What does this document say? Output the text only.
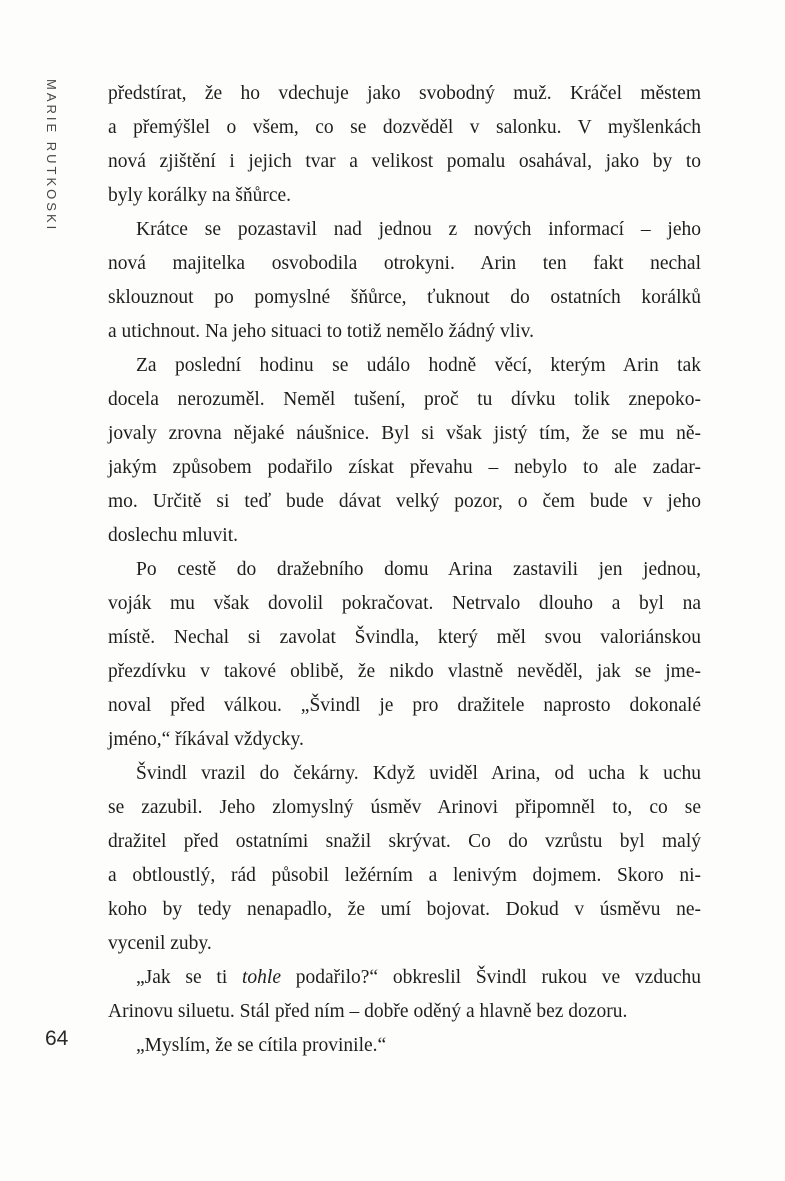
MARIE RUTKOSKI
64
předstírat, že ho vdechuje jako svobodný muž. Kráčel městem
a přemýšlel o všem, co se dozvěděl v salonku. V myšlenkách
nová zjištění i jejich tvar a velikost pomalu osahával, jako by to
byly korálky na šňůrce.
Krátce se pozastavil nad jednou z nových informací – jeho
nová majitelka osvobodila otrokyni. Arin ten fakt nechal
sklouznout po pomyslné šňůrce, ťuknout do ostatních korálků
a utichnout. Na jeho situaci to totiž nemělo žádný vliv.
Za poslední hodinu se událo hodně věcí, kterým Arin tak
docela nerozuměl. Neměl tušení, proč tu dívku tolik znepoko-
jovaly zrovna nějaké náušnice. Byl si však jistý tím, že se mu ně-
jakým způsobem podařilo získat převahu – nebylo to ale zadar-
mo. Určitě si teď bude dávat velký pozor, o čem bude v jeho
doslechu mluvit.
Po cestě do dražebního domu Arina zastavili jen jednou,
voják mu však dovolil pokračovat. Netrvalo dlouho a byl na
místě. Nechal si zavolat Švindla, který měl svou valoriánskou
přezdívku v takové oblibě, že nikdo vlastně nevěděl, jak se jme-
noval před válkou. „Švindl je pro dražitele naprosto dokonalé
jméno,“ říkával vždycky.
Švindl vrazil do čekárny. Když uviděl Arina, od ucha k uchu
se zazubil. Jeho zlomyslný úsměv Arinovi připomněl to, co se
dražitel před ostatními snažil skrývat. Co do vzrůstu byl malý
a obtloustlý, rád působil ležérním a lenivým dojmem. Skoro ni-
koho by tedy nenapadlo, že umí bojovat. Dokud v úsměvu ne-
vycenil zuby.
„Jak se ti tohle podařilo?“ obkreslil Švindl rukou ve vzduchu
Arinovu siluetu. Stál před ním – dobře oděný a hlavně bez dozoru.
„Myslím, že se cítila provinile.“
